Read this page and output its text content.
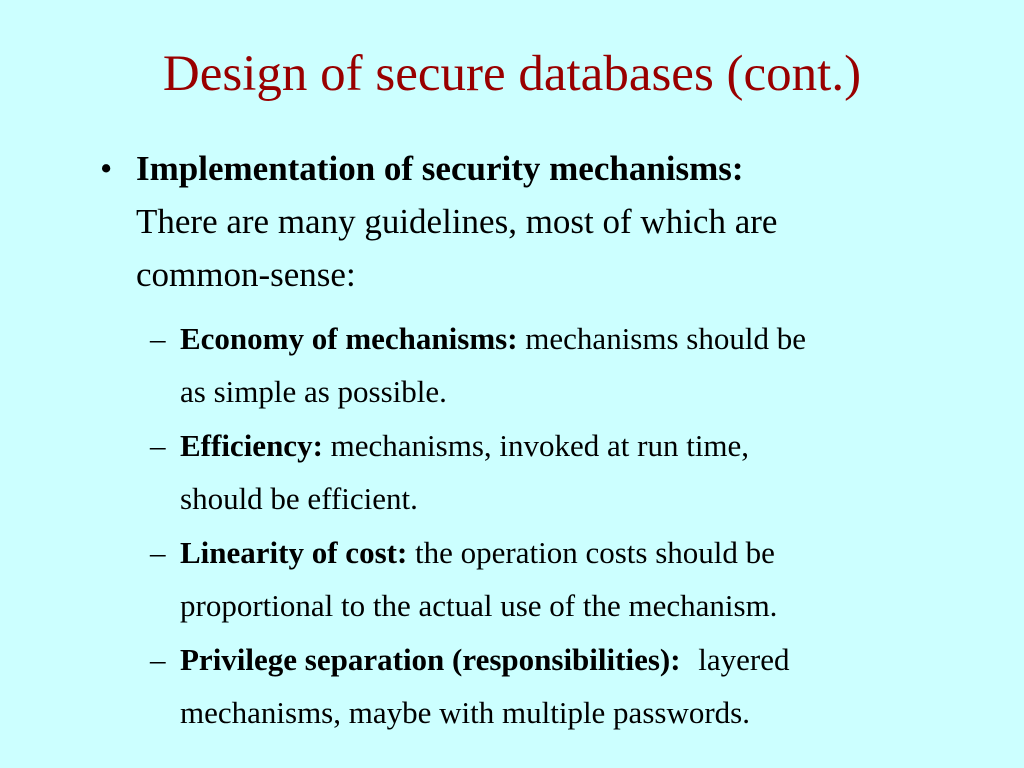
Design of secure databases (cont.)
• Implementation of security mechanisms:
There are many guidelines, most of which are
common-sense:
– Economy of mechanisms: mechanisms should be
as simple as possible.
– Efficiency: mechanisms, invoked at run time,
should be efficient.
– Linearity of cost: the operation costs should be
proportional to the actual use of the mechanism.
– Privilege separation (responsibilities): layered
mechanisms, maybe with multiple passwords.
